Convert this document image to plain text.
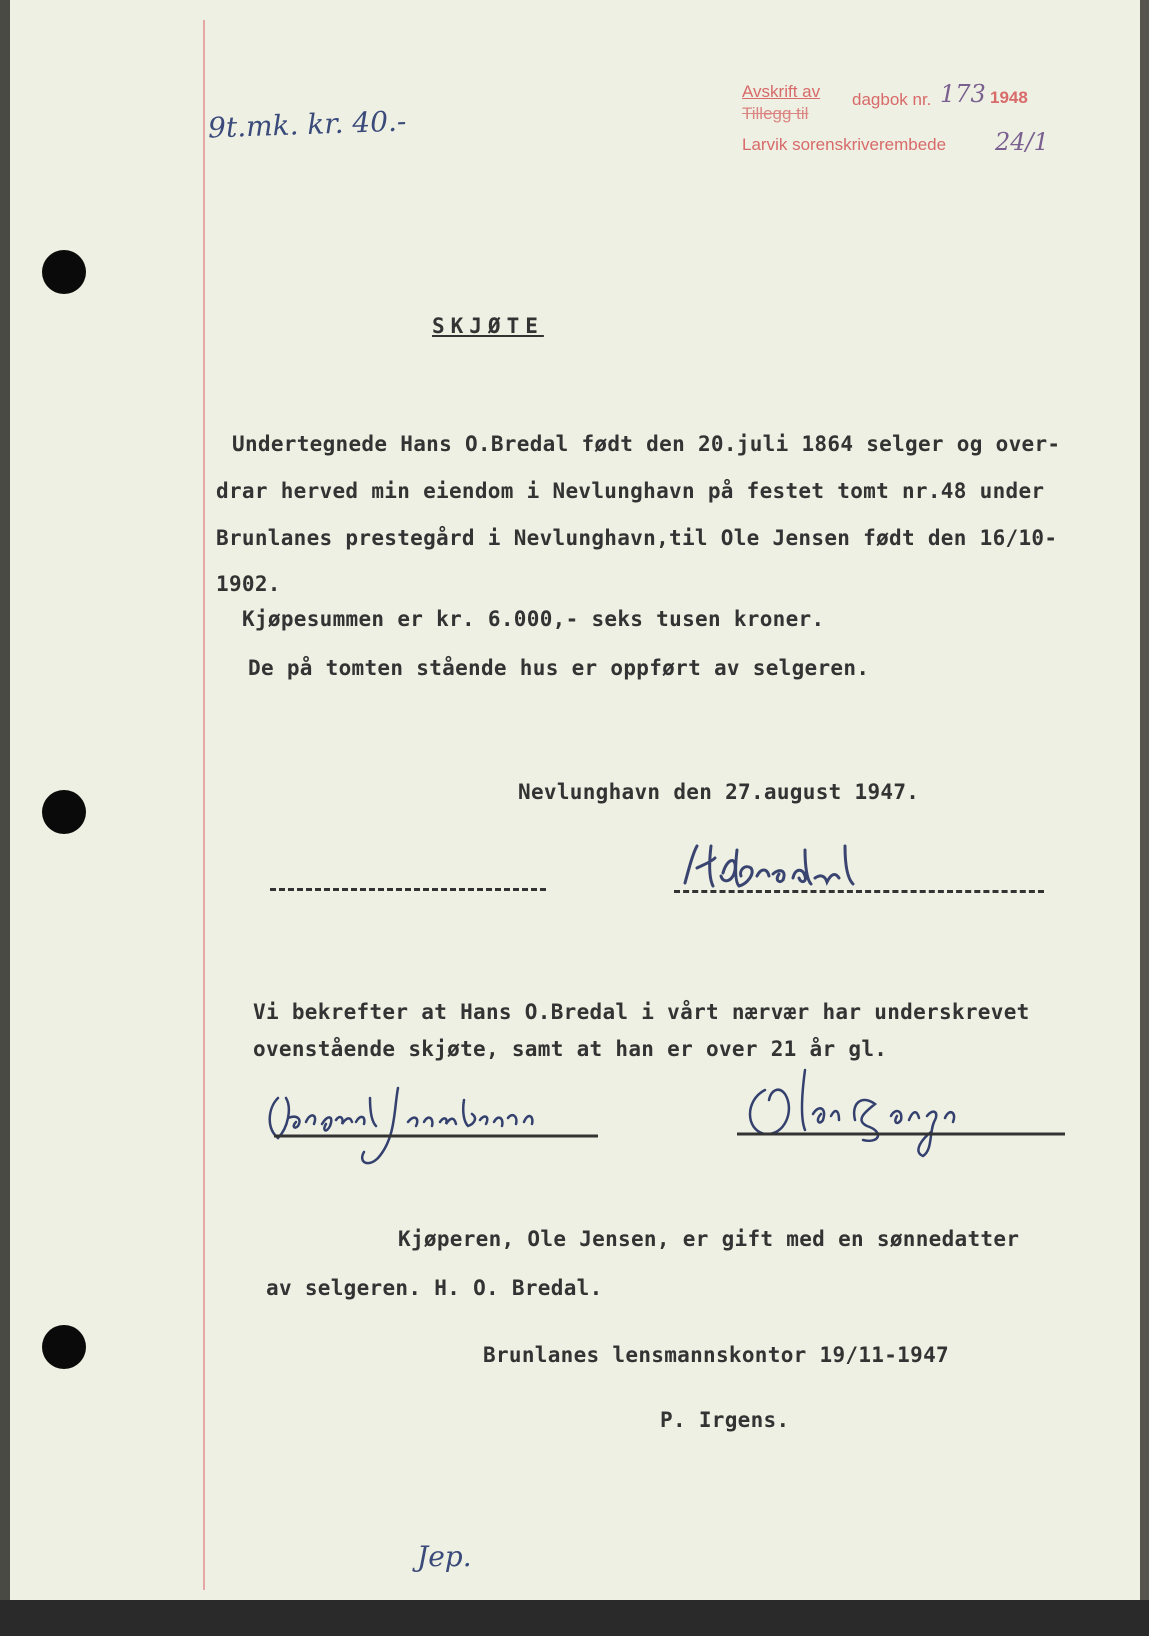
9t.mk. kr. 40.-
Avskrift av dagbok nr. 173 1948
Tillegg til
Larvik sorenskriverembede 24/1
SKJØTE
Undertegnede Hans O.Bredal født den 20.juli 1864 selger og over-
drar herved min eiendom i Nevlunghavn på festet tomt nr.48 under
Brunlanes prestegård i Nevlunghavn,til Ole Jensen født den 16/10-
1902.
Kjøpesummen er kr. 6.000,- seks tusen kroner.
De på tomten stående hus er oppført av selgeren.
Nevlunghavn den 27.august 1947.
Vi bekrefter at Hans O.Bredal i vårt nærvær har underskrevet
ovenstående skjøte, samt at han er over 21 år gl.
Kjøperen, Ole Jensen, er gift med en sønnedatter
av selgeren. H. O. Bredal.
Brunlanes lensmannskontor 19/11-1947
P. Irgens.
Jep.
